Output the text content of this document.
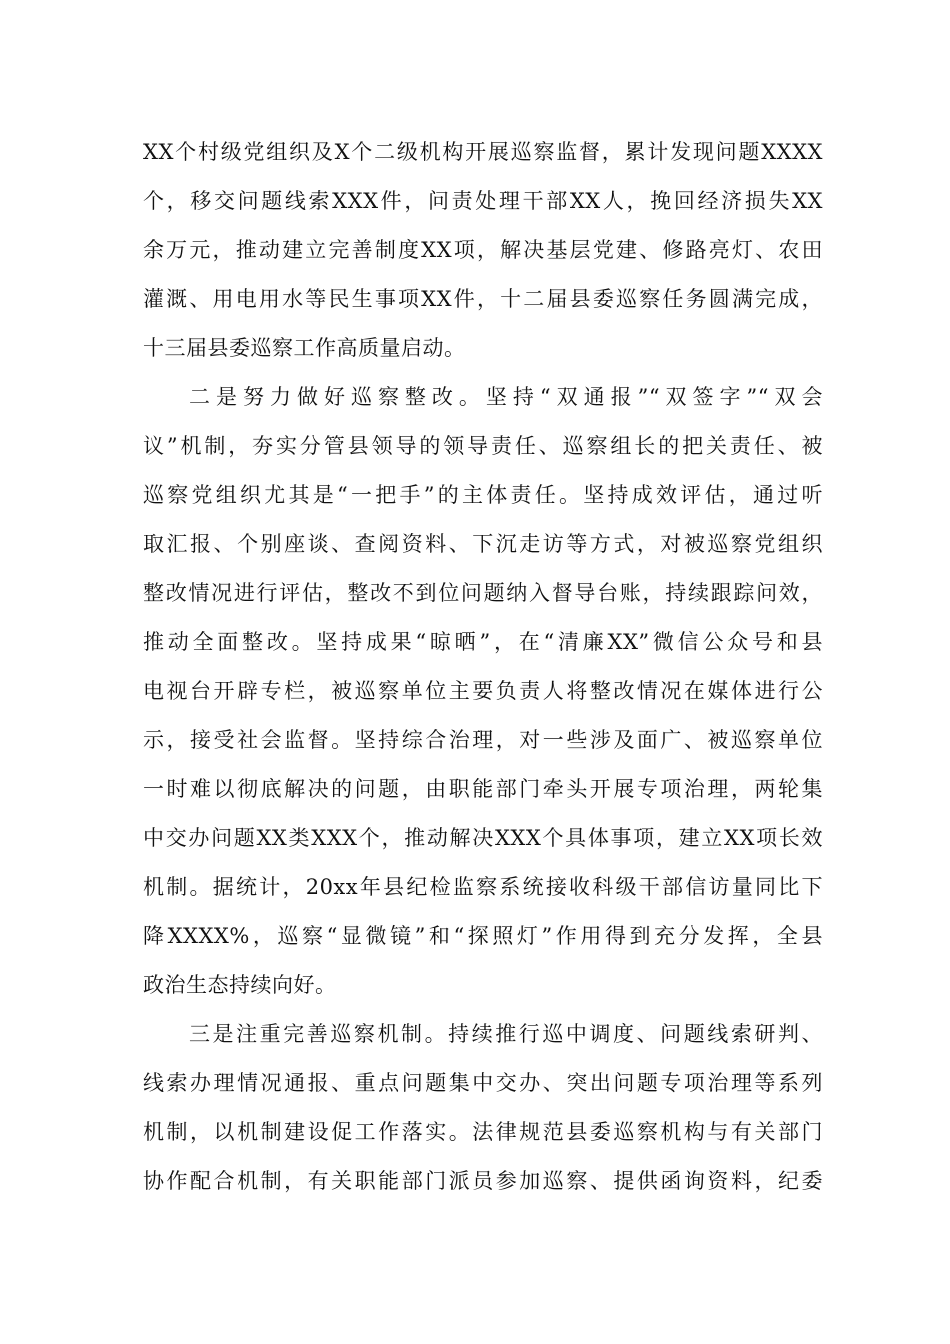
XX个村级党组织及X个二级机构开展巡察监督，累计发现问题XXXX
个，移交问题线索XXX件，问责处理干部XX人，挽回经济损失XX
余万元，推动建立完善制度XX项，解决基层党建、修路亮灯、农田
灌溉、用电用水等民生事项XX件，十二届县委巡察任务圆满完成，
十三届县委巡察工作高质量启动。
二是努力做好巡察整改。坚持“双通报”“双签字”“双会
议”机制，夯实分管县领导的领导责任、巡察组长的把关责任、被
巡察党组织尤其是“一把手”的主体责任。坚持成效评估，通过听
取汇报、个别座谈、查阅资料、下沉走访等方式，对被巡察党组织
整改情况进行评估，整改不到位问题纳入督导台账，持续跟踪问效，
推动全面整改。坚持成果“晾晒”，在“清廉XX”微信公众号和县
电视台开辟专栏，被巡察单位主要负责人将整改情况在媒体进行公
示，接受社会监督。坚持综合治理，对一些涉及面广、被巡察单位
一时难以彻底解决的问题，由职能部门牵头开展专项治理，两轮集
中交办问题XX类XXX个，推动解决XXX个具体事项，建立XX项长效
机制。据统计，20xx年县纪检监察系统接收科级干部信访量同比下
降XXXX%，巡察“显微镜”和“探照灯”作用得到充分发挥，全县
政治生态持续向好。
三是注重完善巡察机制。持续推行巡中调度、问题线索研判、
线索办理情况通报、重点问题集中交办、突出问题专项治理等系列
机制，以机制建设促工作落实。法律规范县委巡察机构与有关部门
协作配合机制，有关职能部门派员参加巡察、提供函询资料，纪委
